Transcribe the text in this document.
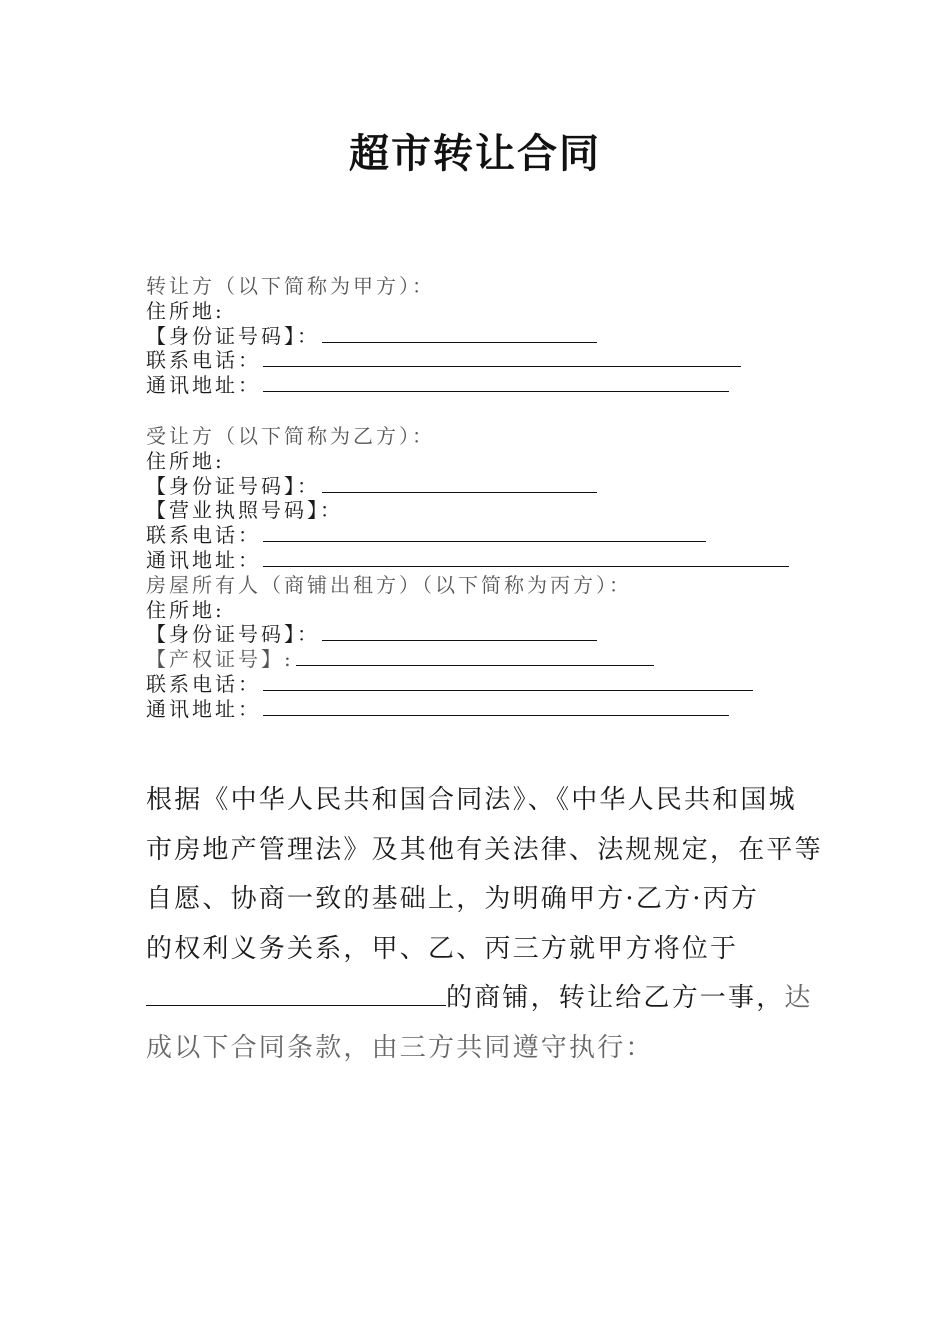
超市转让合同
转让方（以下简称为甲方）：
住所地:
【身份证号码】：
联系电话：
通讯地址：
受让方（以下简称为乙方）：
住所地:
【身份证号码】：
【营业执照号码】：
联系电话：
通讯地址：
房屋所有人（商铺出租方）（以下简称为丙方）：
住所地:
【身份证号码】：
【产权证号】:
联系电话：
通讯地址：
根据《中华人民共和国合同法》、《中华人民共和国城
市房地产管理法》及其他有关法律、法规规定，在平等
自愿、协商一致的基础上，为明确甲方·乙方·丙方
的权利义务关系，甲、乙、丙三方就甲方将位于
的商铺，转让给乙方一事，达
成以下合同条款，由三方共同遵守执行：
